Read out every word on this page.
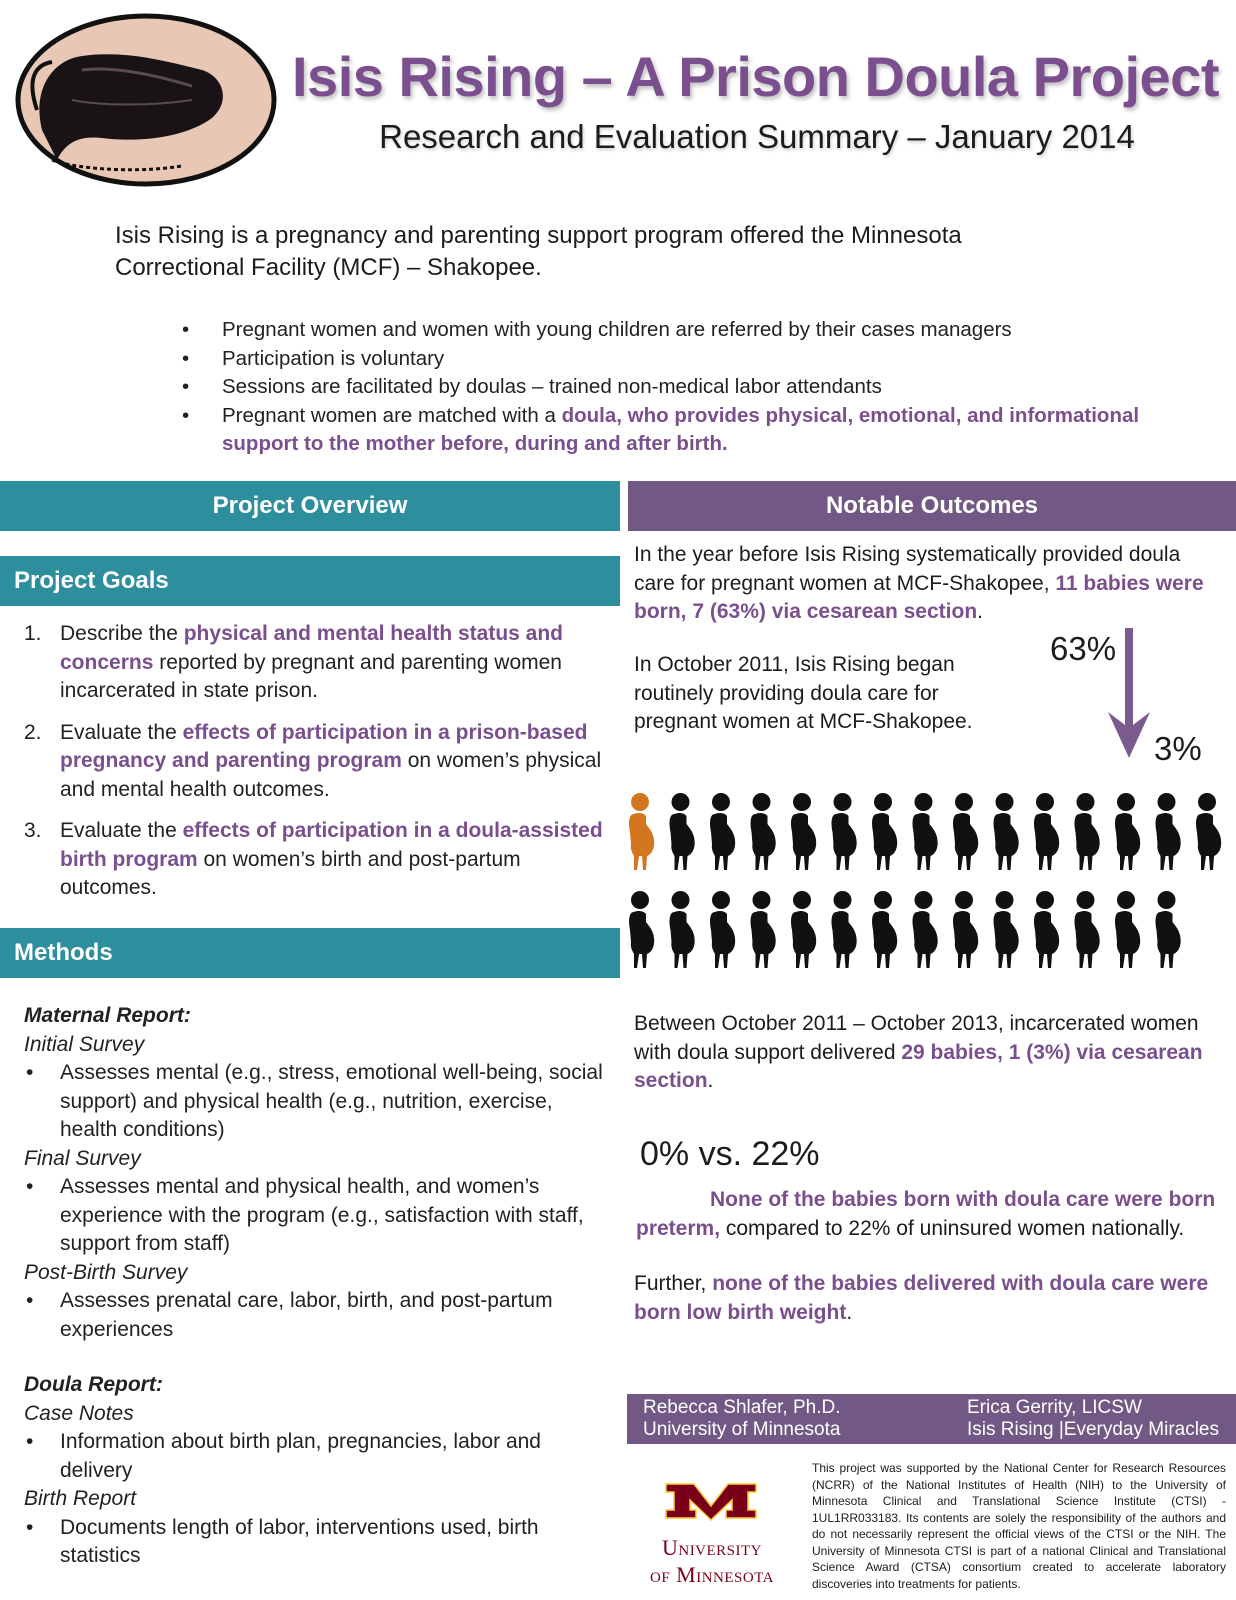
Isis Rising – A Prison Doula Project
Research and Evaluation Summary – January 2014
Isis Rising is a pregnancy and parenting support program offered the Minnesota Correctional Facility (MCF) – Shakopee.
• Pregnant women and women with young children are referred by their cases managers
• Participation is voluntary
• Sessions are facilitated by doulas – trained non-medical labor attendants
• Pregnant women are matched with a doula, who provides physical, emotional, and informational support to the mother before, during and after birth.
Project Overview	Notable Outcomes
Project Goals
1. Describe the physical and mental health status and concerns reported by pregnant and parenting women incarcerated in state prison.
2. Evaluate the effects of participation in a prison-based pregnancy and parenting program on women’s physical and mental health outcomes.
3. Evaluate the effects of participation in a doula-assisted birth program on women’s birth and post-partum outcomes.
Methods
Maternal Report:
Initial Survey
• Assesses mental (e.g., stress, emotional well-being, social support) and physical health (e.g., nutrition, exercise, health conditions)
Final Survey
• Assesses mental and physical health, and women’s experience with the program (e.g., satisfaction with staff, support from staff)
Post-Birth Survey
• Assesses prenatal care, labor, birth, and post-partum experiences
Doula Report:
Case Notes
• Information about birth plan, pregnancies, labor and delivery
Birth Report
• Documents length of labor, interventions used, birth statistics
In the year before Isis Rising systematically provided doula care for pregnant women at MCF-Shakopee, 11 babies were born, 7 (63%) via cesarean section.
In October 2011, Isis Rising began routinely providing doula care for pregnant women at MCF-Shakopee.
63%
3%
Between October 2011 – October 2013, incarcerated women with doula support delivered 29 babies, 1 (3%) via cesarean section.
0% vs. 22%
None of the babies born with doula care were born preterm, compared to 22% of uninsured women nationally.
Further, none of the babies delivered with doula care were born low birth weight.
Rebecca Shlafer, Ph.D.
University of Minnesota
Erica Gerrity, LICSW
Isis Rising |Everyday Miracles
University
of Minnesota
This project was supported by the National Center for Research Resources (NCRR) of the National Institutes of Health (NIH) to the University of Minnesota Clinical and Translational Science Institute (CTSI) - 1UL1RR033183. Its contents are solely the responsibility of the authors and do not necessarily represent the official views of the CTSI or the NIH. The University of Minnesota CTSI is part of a national Clinical and Translational Science Award (CTSA) consortium created to accelerate laboratory discoveries into treatments for patients.
